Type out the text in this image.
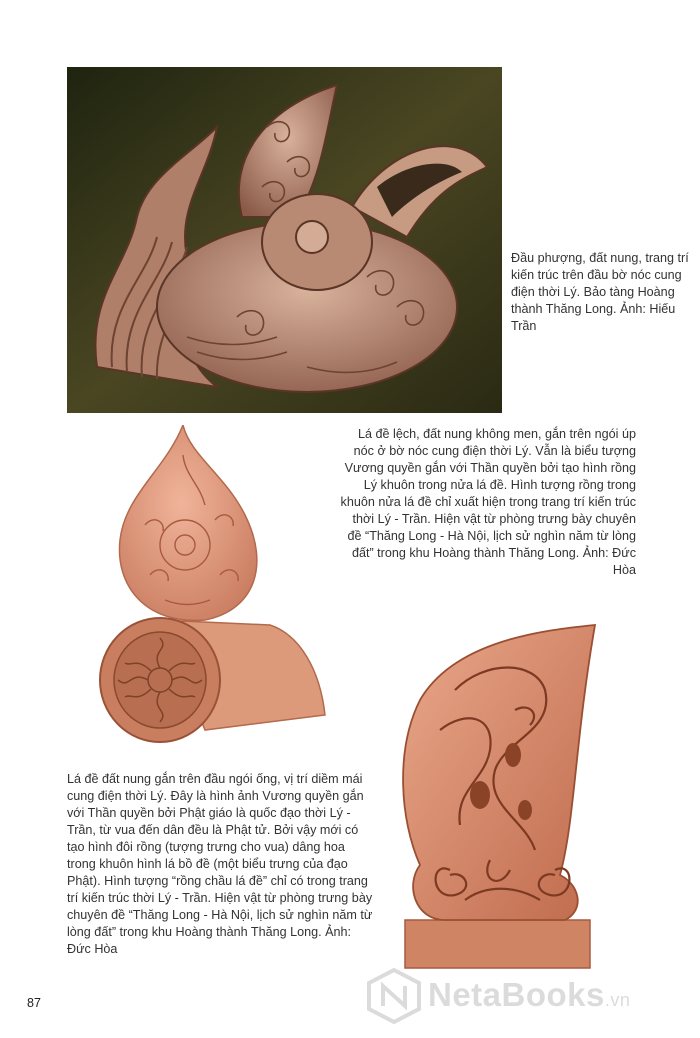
Đầu phượng, đất nung, trang trí kiến trúc trên đầu bờ nóc cung điện thời Lý. Bảo tàng Hoàng thành Thăng Long. Ảnh: Hiếu Trần
Lá đề lệch, đất nung không men, gắn trên ngói úp nóc ở bờ nóc cung điện thời Lý. Vẫn là biểu tượng Vương quyền gắn với Thần quyền bởi tạo hình rồng Lý khuôn trong nửa lá đề. Hình tượng rồng trong khuôn nửa lá đề chỉ xuất hiện trong trang trí kiến trúc thời Lý - Trần. Hiện vật từ phòng trưng bày chuyên đề “Thăng Long - Hà Nội, lịch sử nghìn năm từ lòng đất” trong khu Hoàng thành Thăng Long. Ảnh: Đức Hòa
Lá đề đất nung gắn trên đầu ngói ống, vị trí diềm mái cung điện thời Lý. Đây là hình ảnh Vương quyền gắn với Thần quyền bởi Phật giáo là quốc đạo thời Lý - Trần, từ vua đến dân đều là Phật tử. Bởi vậy mới có tạo hình đôi rồng (tượng trưng cho vua) dâng hoa trong khuôn hình lá bồ đề (một biểu trưng của đạo Phật). Hình tượng “rồng chầu lá đề” chỉ có trong trang trí kiến trúc thời Lý - Trần. Hiện vật từ phòng trưng bày chuyên đề “Thăng Long - Hà Nội, lịch sử nghìn năm từ lòng đất” trong khu Hoàng thành Thăng Long. Ảnh: Đức Hòa
87	NetaBooks.vn
